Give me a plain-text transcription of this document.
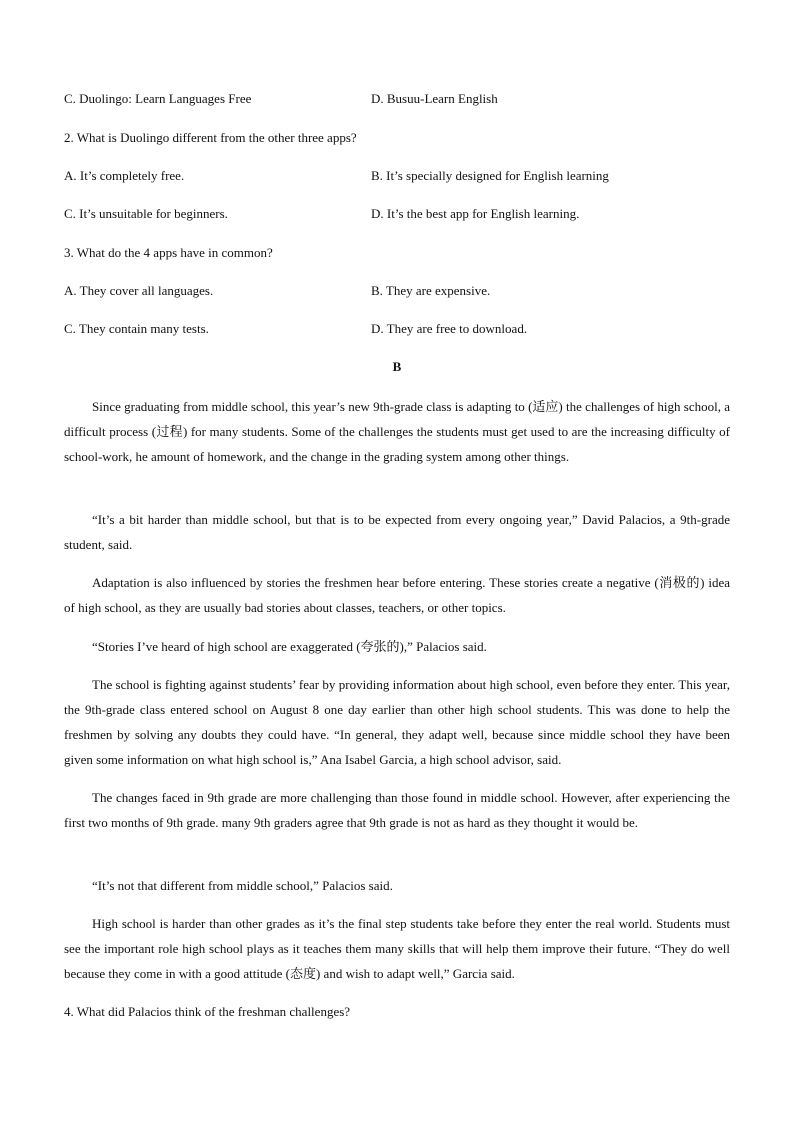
C. Duolingo: Learn Languages Free	D. Busuu-Learn English
2. What is Duolingo different from the other three apps?
A. It’s completely free.	B. It’s specially designed for English learning
C. It’s unsuitable for beginners.	D. It’s the best app for English learning.
3. What do the 4 apps have in common?
A. They cover all languages.	B. They are expensive.
C. They contain many tests.	D. They are free to download.
B

Since graduating from middle school, this year’s new 9th-grade class is adapting to (适应) the challenges of high school, a difficult process (过程) for many students. Some of the challenges the students must get used to are the increasing difficulty of school-work, he amount of homework, and the change in the grading system among other things.

“It’s a bit harder than middle school, but that is to be expected from every ongoing year,” David Palacios, a 9th-grade student, said.

Adaptation is also influenced by stories the freshmen hear before entering. These stories create a negative (消极的) idea of high school, as they are usually bad stories about classes, teachers, or other topics.

“Stories I’ve heard of high school are exaggerated (夸张的),” Palacios said.

The school is fighting against students’ fear by providing information about high school, even before they enter. This year, the 9th-grade class entered school on August 8 one day earlier than other high school students. This was done to help the freshmen by solving any doubts they could have. “In general, they adapt well, because since middle school they have been given some information on what high school is,” Ana Isabel Garcia, a high school advisor, said.

The changes faced in 9th grade are more challenging than those found in middle school. However, after experiencing the first two months of 9th grade. many 9th graders agree that 9th grade is not as hard as they thought it would be.

“It’s not that different from middle school,” Palacios said.

High school is harder than other grades as it’s the final step students take before they enter the real world. Students must see the important role high school plays as it teaches them many skills that will help them improve their future. “They do well because they come in with a good attitude (态度) and wish to adapt well,” Garcia said.

4. What did Palacios think of the freshman challenges?
